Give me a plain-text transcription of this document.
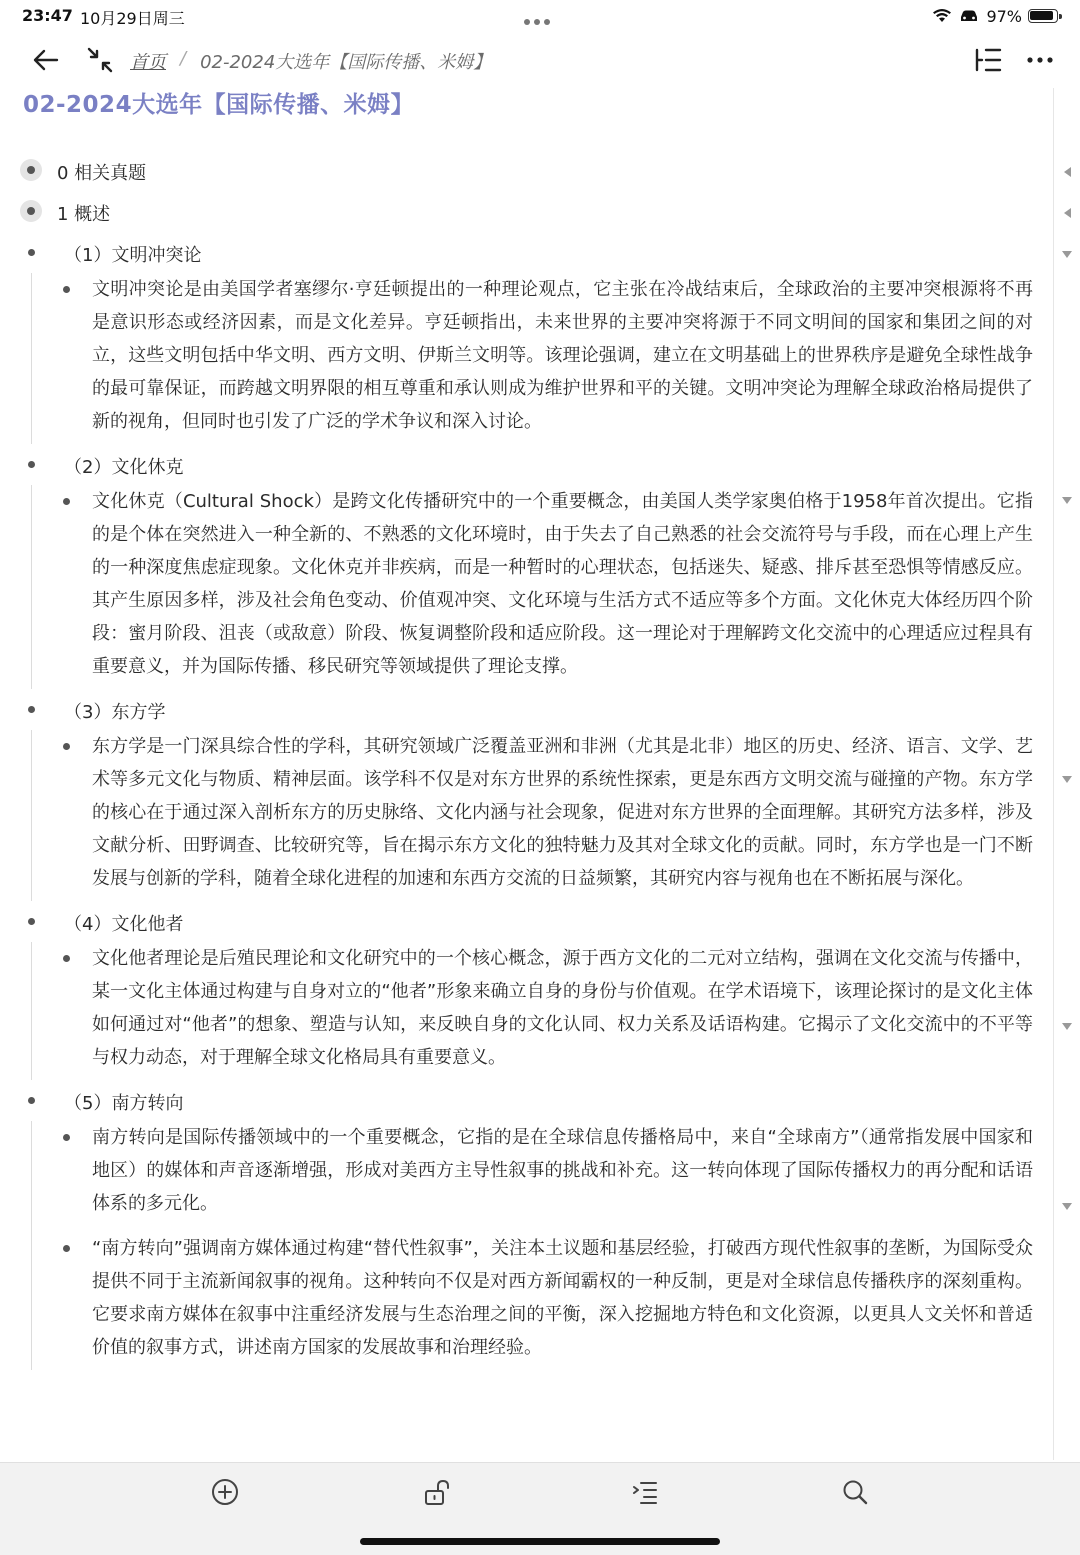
23:47 10月29日周三	97%
首页 / 02-2024大选年【国际传播、米姆】
02-2024大选年【国际传播、米姆】
0 相关真题
1 概述
（1）文明冲突论
文明冲突论是由美国学者塞缪尔·亨廷顿提出的一种理论观点，它主张在冷战结束后，全球政治的主要冲突根源将不再是意识形态或经济因素，而是文化差异。亨廷顿指出，未来世界的主要冲突将源于不同文明间的国家和集团之间的对立，这些文明包括中华文明、西方文明、伊斯兰文明等。该理论强调，建立在文明基础上的世界秩序是避免全球性战争的最可靠保证，而跨越文明界限的相互尊重和承认则成为维护世界和平的关键。文明冲突论为理解全球政治格局提供了新的视角，但同时也引发了广泛的学术争议和深入讨论。
（2）文化休克
文化休克（Cultural Shock）是跨文化传播研究中的一个重要概念，由美国人类学家奥伯格于1958年首次提出。它指的是个体在突然进入一种全新的、不熟悉的文化环境时，由于失去了自己熟悉的社会交流符号与手段，而在心理上产生的一种深度焦虑症现象。文化休克并非疾病，而是一种暂时的心理状态，包括迷失、疑惑、排斥甚至恐惧等情感反应。其产生原因多样，涉及社会角色变动、价值观冲突、文化环境与生活方式不适应等多个方面。文化休克大体经历四个阶段：蜜月阶段、沮丧（或敌意）阶段、恢复调整阶段和适应阶段。这一理论对于理解跨文化交流中的心理适应过程具有重要意义，并为国际传播、移民研究等领域提供了理论支撑。
（3）东方学
东方学是一门深具综合性的学科，其研究领域广泛覆盖亚洲和非洲（尤其是北非）地区的历史、经济、语言、文学、艺术等多元文化与物质、精神层面。该学科不仅是对东方世界的系统性探索，更是东西方文明交流与碰撞的产物。东方学的核心在于通过深入剖析东方的历史脉络、文化内涵与社会现象，促进对东方世界的全面理解。其研究方法多样，涉及文献分析、田野调查、比较研究等，旨在揭示东方文化的独特魅力及其对全球文化的贡献。同时，东方学也是一门不断发展与创新的学科，随着全球化进程的加速和东西方交流的日益频繁，其研究内容与视角也在不断拓展与深化。
（4）文化他者
文化他者理论是后殖民理论和文化研究中的一个核心概念，源于西方文化的二元对立结构，强调在文化交流与传播中，某一文化主体通过构建与自身对立的“他者”形象来确立自身的身份与价值观。在学术语境下，该理论探讨的是文化主体如何通过对“他者”的想象、塑造与认知，来反映自身的文化认同、权力关系及话语构建。它揭示了文化交流中的不平等与权力动态，对于理解全球文化格局具有重要意义。
（5）南方转向
南方转向是国际传播领域中的一个重要概念，它指的是在全球信息传播格局中，来自“全球南方”（通常指发展中国家和地区）的媒体和声音逐渐增强，形成对美西方主导性叙事的挑战和补充。这一转向体现了国际传播权力的再分配和话语体系的多元化。
“南方转向”强调南方媒体通过构建“替代性叙事”，关注本土议题和基层经验，打破西方现代性叙事的垄断，为国际受众提供不同于主流新闻叙事的视角。这种转向不仅是对西方新闻霸权的一种反制，更是对全球信息传播秩序的深刻重构。它要求南方媒体在叙事中注重经济发展与生态治理之间的平衡，深入挖掘地方特色和文化资源，以更具人文关怀和普适价值的叙事方式，讲述南方国家的发展故事和治理经验。
